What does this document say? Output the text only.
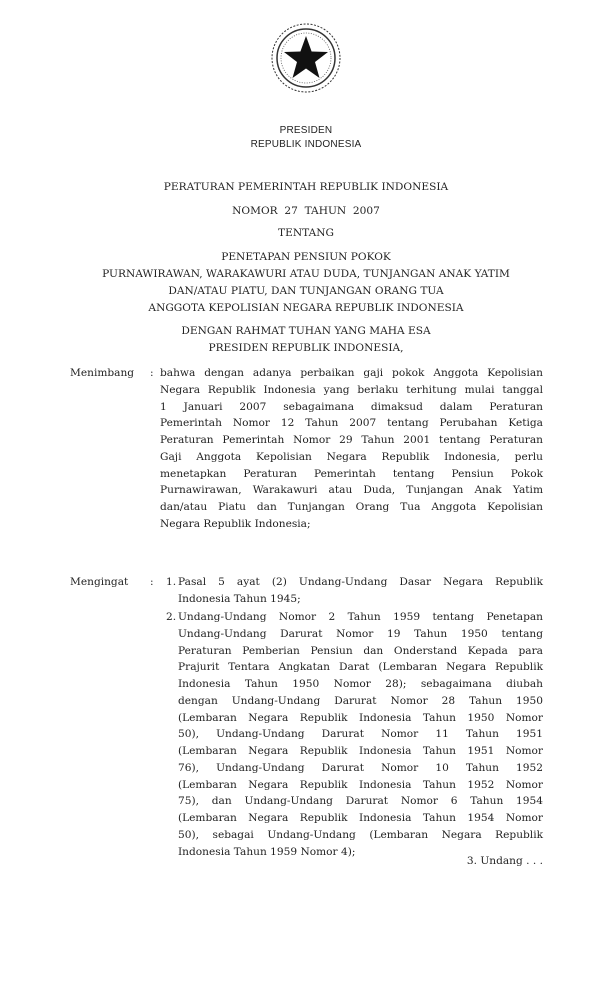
PRESIDEN
REPUBLIK INDONESIA
PERATURAN PEMERINTAH REPUBLIK INDONESIA
NOMOR  27  TAHUN  2007
TENTANG
PENETAPAN PENSIUN POKOK
PURNAWIRAWAN, WARAKAWURI ATAU DUDA, TUNJANGAN ANAK YATIM
DAN/ATAU PIATU, DAN TUNJANGAN ORANG TUA
ANGGOTA KEPOLISIAN NEGARA REPUBLIK INDONESIA
DENGAN RAHMAT TUHAN YANG MAHA ESA
PRESIDEN REPUBLIK INDONESIA,
Menimbang : bahwa dengan adanya perbaikan gaji pokok Anggota Kepolisian
Negara Republik Indonesia yang berlaku terhitung mulai tanggal
1 Januari 2007 sebagaimana dimaksud dalam Peraturan
Pemerintah Nomor 12 Tahun 2007 tentang Perubahan Ketiga
Peraturan Pemerintah Nomor 29 Tahun 2001 tentang Peraturan
Gaji Anggota Kepolisian Negara Republik Indonesia, perlu
menetapkan Peraturan Pemerintah tentang Pensiun Pokok
Purnawirawan, Warakawuri atau Duda, Tunjangan Anak Yatim
dan/atau Piatu dan Tunjangan Orang Tua Anggota Kepolisian
Negara Republik Indonesia;
Mengingat : 1. Pasal 5 ayat (2) Undang-Undang Dasar Negara Republik
Indonesia Tahun 1945;
2. Undang-Undang Nomor 2 Tahun 1959 tentang Penetapan
Undang-Undang Darurat Nomor 19 Tahun 1950 tentang
Peraturan Pemberian Pensiun dan Onderstand Kepada para
Prajurit Tentara Angkatan Darat (Lembaran Negara Republik
Indonesia Tahun 1950 Nomor 28); sebagaimana diubah
dengan Undang-Undang Darurat Nomor 28 Tahun 1950
(Lembaran Negara Republik Indonesia Tahun 1950 Nomor
50), Undang-Undang Darurat Nomor 11 Tahun 1951
(Lembaran Negara Republik Indonesia Tahun 1951 Nomor
76), Undang-Undang Darurat Nomor 10 Tahun 1952
(Lembaran Negara Republik Indonesia Tahun 1952 Nomor
75), dan Undang-Undang Darurat Nomor 6 Tahun 1954
(Lembaran Negara Republik Indonesia Tahun 1954 Nomor
50), sebagai Undang-Undang (Lembaran Negara Republik
Indonesia Tahun 1959 Nomor 4);
3. Undang . . .
